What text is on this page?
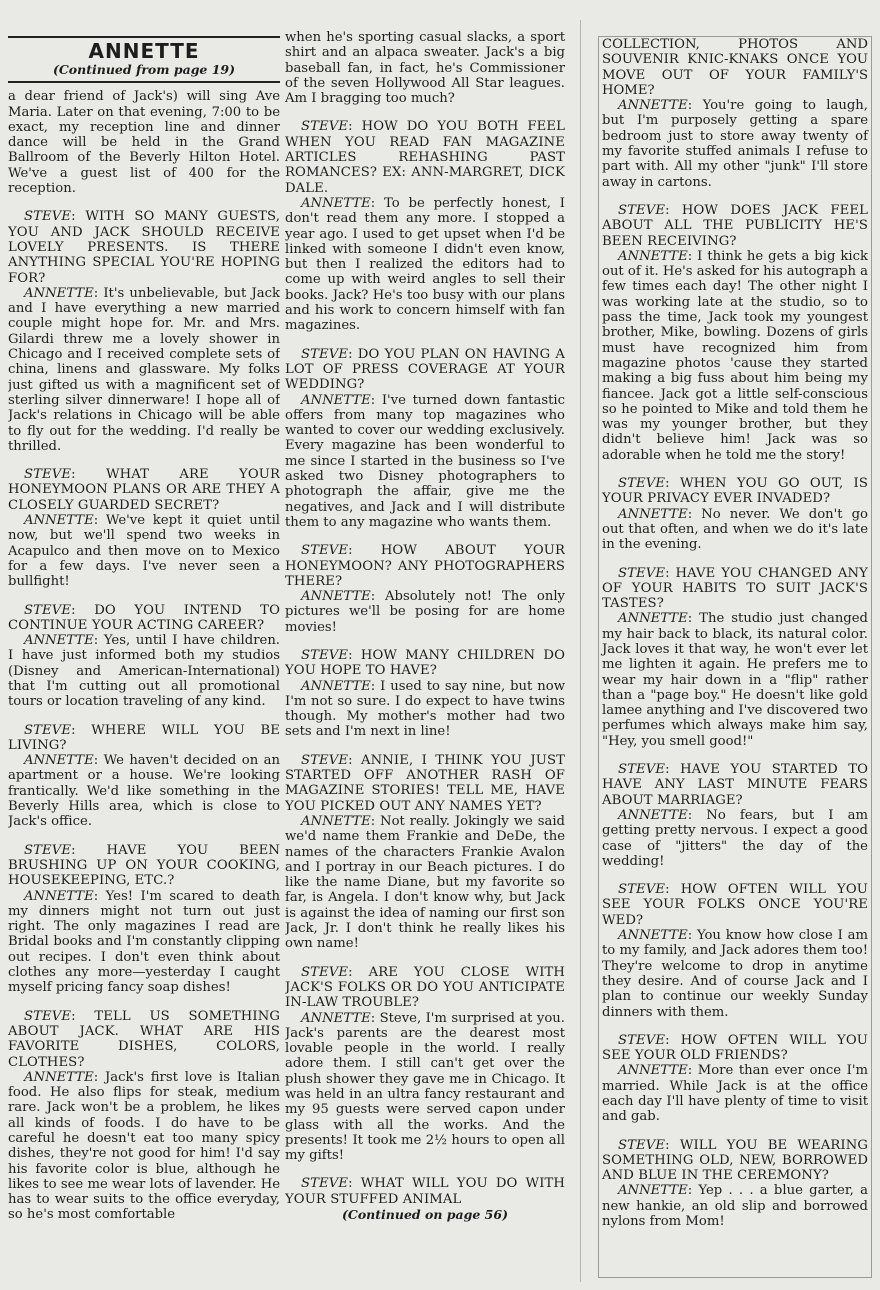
ANNETTE
(Continued from page 19)

a dear friend of Jack's) will sing Ave Maria. Later on that evening, 7:00 to be exact, my reception line and dinner dance will be held in the Grand Ballroom of the Beverly Hilton Hotel. We've a guest list of 400 for the reception.

STEVE: WITH SO MANY GUESTS, YOU AND JACK SHOULD RECEIVE LOVELY PRESENTS. IS THERE ANYTHING SPECIAL YOU'RE HOPING FOR?

ANNETTE: It's unbelievable, but Jack and I have everything a new married couple might hope for. Mr. and Mrs. Gilardi threw me a lovely shower in Chicago and I received complete sets of china, linens and glassware. My folks just gifted us with a magnificent set of sterling silver dinnerware! I hope all of Jack's relations in Chicago will be able to fly out for the wedding. I'd really be thrilled.

STEVE: WHAT ARE YOUR HONEYMOON PLANS OR ARE THEY A CLOSELY GUARDED SECRET?

ANNETTE: We've kept it quiet until now, but we'll spend two weeks in Acapulco and then move on to Mexico for a few days. I've never seen a bullfight!

STEVE: DO YOU INTEND TO CONTINUE YOUR ACTING CAREER?

ANNETTE: Yes, until I have children. I have just informed both my studios (Disney and American-International) that I'm cutting out all promotional tours or location traveling of any kind.

STEVE: WHERE WILL YOU BE LIVING?

ANNETTE: We haven't decided on an apartment or a house. We're looking frantically. We'd like something in the Beverly Hills area, which is close to Jack's office.

STEVE: HAVE YOU BEEN BRUSHING UP ON YOUR COOKING, HOUSEKEEPING, ETC.?

ANNETTE: Yes! I'm scared to death my dinners might not turn out just right. The only magazines I read are Bridal books and I'm constantly clipping out recipes. I don't even think about clothes any more—yesterday I caught myself pricing fancy soap dishes!

STEVE: TELL US SOMETHING ABOUT JACK. WHAT ARE HIS FAVORITE DISHES, COLORS, CLOTHES?

ANNETTE: Jack's first love is Italian food. He also flips for steak, medium rare. Jack won't be a problem, he likes all kinds of foods. I do have to be careful he doesn't eat too many spicy dishes, they're not good for him! I'd say his favorite color is blue, although he likes to see me wear lots of lavender. He has to wear suits to the office everyday, so he's most comfortable

when he's sporting casual slacks, a sport shirt and an alpaca sweater. Jack's a big baseball fan, in fact, he's Commissioner of the seven Hollywood All Star leagues. Am I bragging too much?

STEVE: HOW DO YOU BOTH FEEL WHEN YOU READ FAN MAGAZINE ARTICLES REHASHING PAST ROMANCES? EX: ANN-MARGRET, DICK DALE.

ANNETTE: To be perfectly honest, I don't read them any more. I stopped a year ago. I used to get upset when I'd be linked with someone I didn't even know, but then I realized the editors had to come up with weird angles to sell their books. Jack? He's too busy with our plans and his work to concern himself with fan magazines.

STEVE: DO YOU PLAN ON HAVING A LOT OF PRESS COVERAGE AT YOUR WEDDING?

ANNETTE: I've turned down fantastic offers from many top magazines who wanted to cover our wedding exclusively. Every magazine has been wonderful to me since I started in the business so I've asked two Disney photographers to photograph the affair, give me the negatives, and Jack and I will distribute them to any magazine who wants them.

STEVE: HOW ABOUT YOUR HONEYMOON? ANY PHOTOGRAPHERS THERE?

ANNETTE: Absolutely not! The only pictures we'll be posing for are home movies!

STEVE: HOW MANY CHILDREN DO YOU HOPE TO HAVE?

ANNETTE: I used to say nine, but now I'm not so sure. I do expect to have twins though. My mother's mother had two sets and I'm next in line!

STEVE: ANNIE, I THINK YOU JUST STARTED OFF ANOTHER RASH OF MAGAZINE STORIES! TELL ME, HAVE YOU PICKED OUT ANY NAMES YET?

ANNETTE: Not really. Jokingly we said we'd name them Frankie and DeDe, the names of the characters Frankie Avalon and I portray in our Beach pictures. I do like the name Diane, but my favorite so far, is Angela. I don't know why, but Jack is against the idea of naming our first son Jack, Jr. I don't think he really likes his own name!

STEVE: ARE YOU CLOSE WITH JACK'S FOLKS OR DO YOU ANTICIPATE IN-LAW TROUBLE?

ANNETTE: Steve, I'm surprised at you. Jack's parents are the dearest most lovable people in the world. I really adore them. I still can't get over the plush shower they gave me in Chicago. It was held in an ultra fancy restaurant and my 95 guests were served capon under glass with all the works. And the presents! It took me 2½ hours to open all my gifts!

STEVE: WHAT WILL YOU DO WITH YOUR STUFFED ANIMAL

(Continued on page 56)

COLLECTION, PHOTOS AND SOUVENIR KNIC-KNAKS ONCE YOU MOVE OUT OF YOUR FAMILY'S HOME?

ANNETTE: You're going to laugh, but I'm purposely getting a spare bedroom just to store away twenty of my favorite stuffed animals I refuse to part with. All my other "junk" I'll store away in cartons.

STEVE: HOW DOES JACK FEEL ABOUT ALL THE PUBLICITY HE'S BEEN RECEIVING?

ANNETTE: I think he gets a big kick out of it. He's asked for his autograph a few times each day! The other night I was working late at the studio, so to pass the time, Jack took my youngest brother, Mike, bowling. Dozens of girls must have recognized him from magazine photos 'cause they started making a big fuss about him being my fiancee. Jack got a little self-conscious so he pointed to Mike and told them he was my younger brother, but they didn't believe him! Jack was so adorable when he told me the story!

STEVE: WHEN YOU GO OUT, IS YOUR PRIVACY EVER INVADED?

ANNETTE: No never. We don't go out that often, and when we do it's late in the evening.

STEVE: HAVE YOU CHANGED ANY OF YOUR HABITS TO SUIT JACK'S TASTES?

ANNETTE: The studio just changed my hair back to black, its natural color. Jack loves it that way, he won't ever let me lighten it again. He prefers me to wear my hair down in a "flip" rather than a "page boy." He doesn't like gold lamee anything and I've discovered two perfumes which always make him say, "Hey, you smell good!"

STEVE: HAVE YOU STARTED TO HAVE ANY LAST MINUTE FEARS ABOUT MARRIAGE?

ANNETTE: No fears, but I am getting pretty nervous. I expect a good case of "jitters" the day of the wedding!

STEVE: HOW OFTEN WILL YOU SEE YOUR FOLKS ONCE YOU'RE WED?

ANNETTE: You know how close I am to my family, and Jack adores them too! They're welcome to drop in anytime they desire. And of course Jack and I plan to continue our weekly Sunday dinners with them.

STEVE: HOW OFTEN WILL YOU SEE YOUR OLD FRIENDS?

ANNETTE: More than ever once I'm married. While Jack is at the office each day I'll have plenty of time to visit and gab.

STEVE: WILL YOU BE WEARING SOMETHING OLD, NEW, BORROWED AND BLUE IN THE CEREMONY?

ANNETTE: Yep . . . a blue garter, a new hankie, an old slip and borrowed nylons from Mom!
